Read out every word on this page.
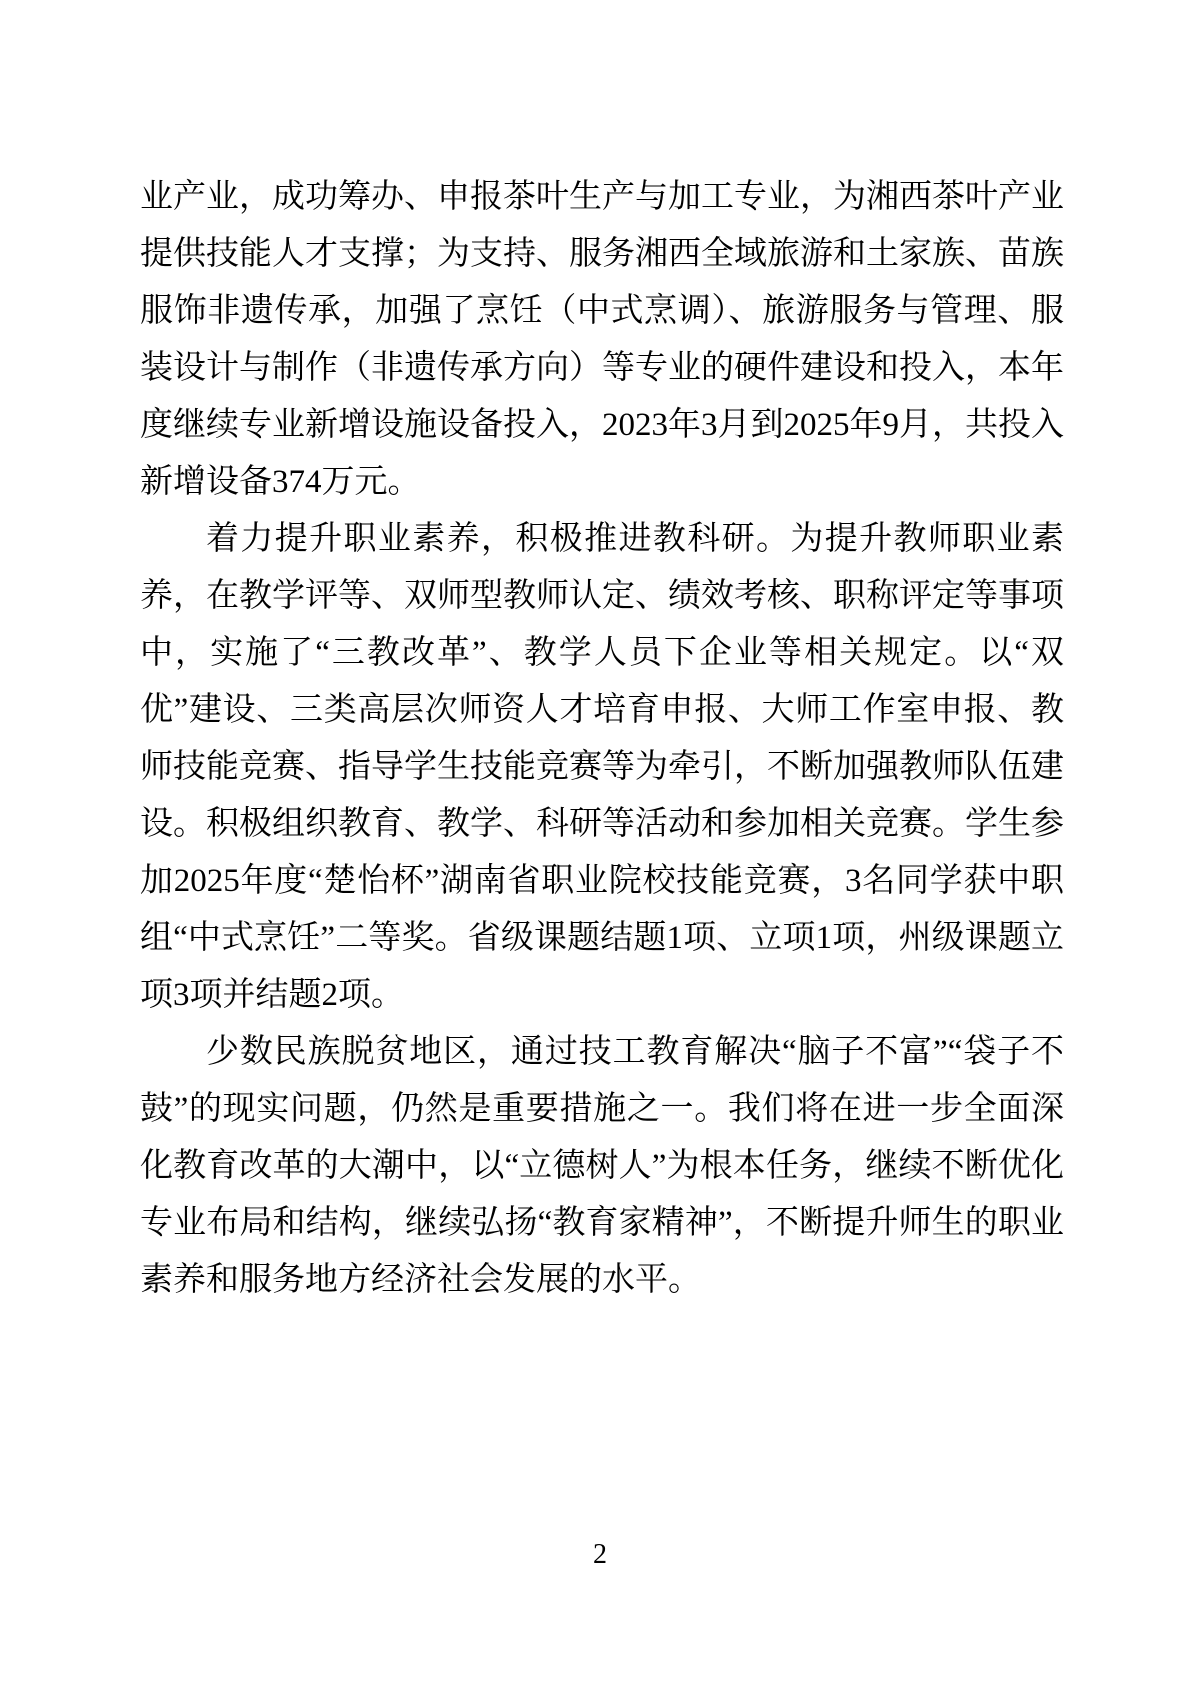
业产业，成功筹办、申报茶叶生产与加工专业，为湘西茶叶产业提供技能人才支撑；为支持、服务湘西全域旅游和土家族、苗族服饰非遗传承，加强了烹饪（中式烹调）、旅游服务与管理、服装设计与制作（非遗传承方向）等专业的硬件建设和投入，本年度继续专业新增设施设备投入，2023年3月到2025年9月，共投入新增设备374万元。

着力提升职业素养，积极推进教科研。为提升教师职业素养，在教学评等、双师型教师认定、绩效考核、职称评定等事项中，实施了“三教改革”、教学人员下企业等相关规定。以“双优”建设、三类高层次师资人才培育申报、大师工作室申报、教师技能竞赛、指导学生技能竞赛等为牵引，不断加强教师队伍建设。积极组织教育、教学、科研等活动和参加相关竞赛。学生参加2025年度“楚怡杯”湖南省职业院校技能竞赛，3名同学获中职组“中式烹饪”二等奖。省级课题结题1项、立项1项，州级课题立项3项并结题2项。

少数民族脱贫地区，通过技工教育解决“脑子不富”“袋子不鼓”的现实问题，仍然是重要措施之一。我们将在进一步全面深化教育改革的大潮中，以“立德树人”为根本任务，继续不断优化专业布局和结构，继续弘扬“教育家精神”，不断提升师生的职业素养和服务地方经济社会发展的水平。

2
